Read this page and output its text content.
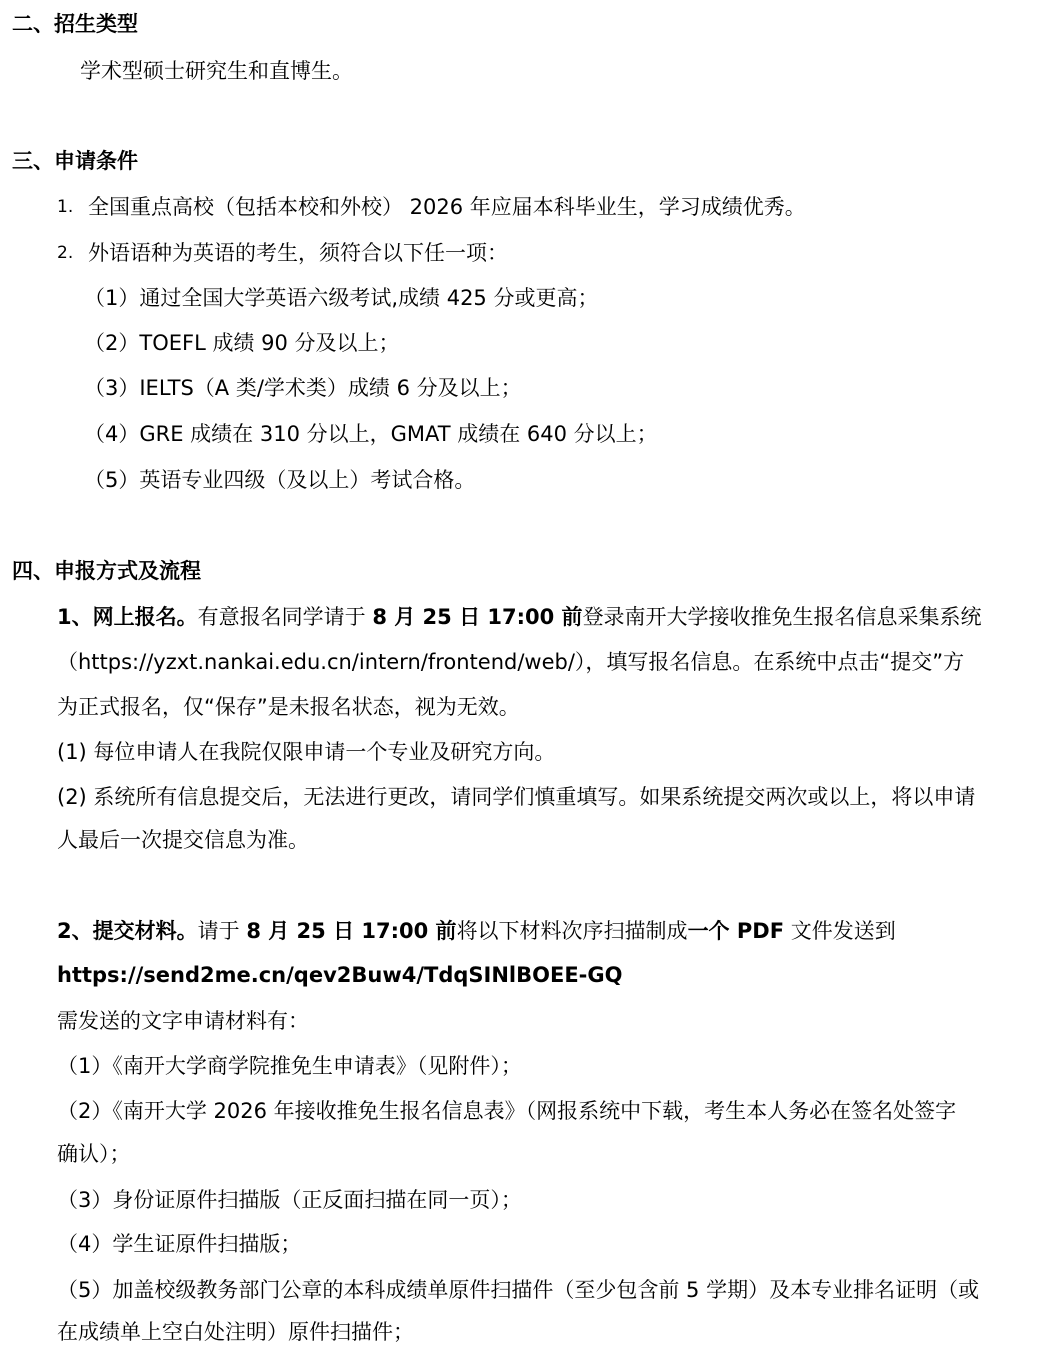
二、招生类型
学术型硕士研究生和直博生。
三、申请条件
1. 全国重点高校（包括本校和外校） 2026 年应届本科毕业生，学习成绩优秀。
2. 外语语种为英语的考生，须符合以下任一项：
（1）通过全国大学英语六级考试,成绩 425 分或更高；
（2）TOEFL 成绩 90 分及以上；
（3）IELTS（A 类/学术类）成绩 6 分及以上；
（4）GRE 成绩在 310 分以上，GMAT 成绩在 640 分以上；
（5）英语专业四级（及以上）考试合格。
四、申报方式及流程
1、网上报名。有意报名同学请于 8 月 25 日 17:00 前登录南开大学接收推免生报名信息采集系统
（https://yzxt.nankai.edu.cn/intern/frontend/web/），填写报名信息。在系统中点击“提交”方
为正式报名，仅“保存”是未报名状态，视为无效。
(1) 每位申请人在我院仅限申请一个专业及研究方向。
(2) 系统所有信息提交后，无法进行更改，请同学们慎重填写。如果系统提交两次或以上，将以申请
人最后一次提交信息为准。
2、提交材料。请于 8 月 25 日 17:00 前将以下材料次序扫描制成一个 PDF 文件发送到
https://send2me.cn/qev2Buw4/TdqSINlBOEE-GQ
需发送的文字申请材料有：
（1）《南开大学商学院推免生申请表》（见附件）；
（2）《南开大学 2026 年接收推免生报名信息表》（网报系统中下载，考生本人务必在签名处签字
确认）；
（3）身份证原件扫描版（正反面扫描在同一页）；
（4）学生证原件扫描版；
（5）加盖校级教务部门公章的本科成绩单原件扫描件（至少包含前 5 学期）及本专业排名证明（或
在成绩单上空白处注明）原件扫描件；
